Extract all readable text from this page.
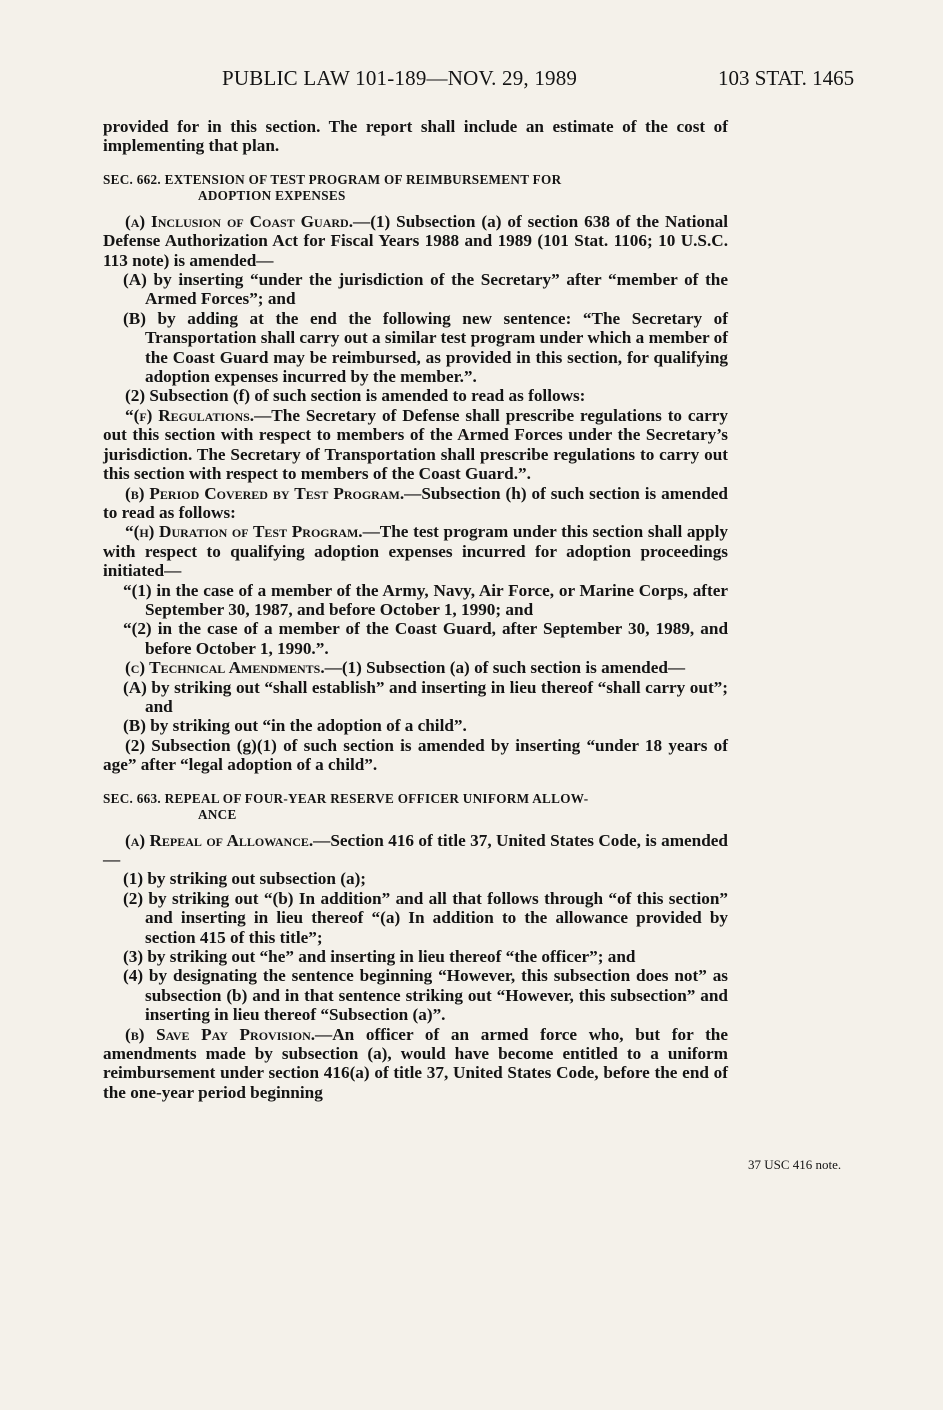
PUBLIC LAW 101-189—NOV. 29, 1989	103 STAT. 1465

provided for in this section. The report shall include an estimate of the cost of implementing that plan.

SEC. 662. EXTENSION OF TEST PROGRAM OF REIMBURSEMENT FOR
ADOPTION EXPENSES

(a) Inclusion of Coast Guard.—(1) Subsection (a) of section 638 of the National Defense Authorization Act for Fiscal Years 1988 and 1989 (101 Stat. 1106; 10 U.S.C. 113 note) is amended—

(A) by inserting “under the jurisdiction of the Secretary” after “member of the Armed Forces”; and

(B) by adding at the end the following new sentence: “The Secretary of Transportation shall carry out a similar test program under which a member of the Coast Guard may be reimbursed, as provided in this section, for qualifying adoption expenses incurred by the member.”.

(2) Subsection (f) of such section is amended to read as follows:

“(f) Regulations.—The Secretary of Defense shall prescribe regulations to carry out this section with respect to members of the Armed Forces under the Secretary’s jurisdiction. The Secretary of Transportation shall prescribe regulations to carry out this section with respect to members of the Coast Guard.”.

(b) Period Covered by Test Program.—Subsection (h) of such section is amended to read as follows:

“(h) Duration of Test Program.—The test program under this section shall apply with respect to qualifying adoption expenses incurred for adoption proceedings initiated—

“(1) in the case of a member of the Army, Navy, Air Force, or Marine Corps, after September 30, 1987, and before October 1, 1990; and

“(2) in the case of a member of the Coast Guard, after September 30, 1989, and before October 1, 1990.”.

(c) Technical Amendments.—(1) Subsection (a) of such section is amended—

(A) by striking out “shall establish” and inserting in lieu thereof “shall carry out”; and

(B) by striking out “in the adoption of a child”.

(2) Subsection (g)(1) of such section is amended by inserting “under 18 years of age” after “legal adoption of a child”.

SEC. 663. REPEAL OF FOUR-YEAR RESERVE OFFICER UNIFORM ALLOW-
ANCE

(a) Repeal of Allowance.—Section 416 of title 37, United States Code, is amended—

(1) by striking out subsection (a);

(2) by striking out “(b) In addition” and all that follows through “of this section” and inserting in lieu thereof “(a) In addition to the allowance provided by section 415 of this title”;

(3) by striking out “he” and inserting in lieu thereof “the officer”; and

(4) by designating the sentence beginning “However, this subsection does not” as subsection (b) and in that sentence striking out “However, this subsection” and inserting in lieu thereof “Subsection (a)”.

(b) Save Pay Provision.—An officer of an armed force who, but for the amendments made by subsection (a), would have become entitled to a uniform reimbursement under section 416(a) of title 37, United States Code, before the end of the one-year period beginning

37 USC 416 note.
